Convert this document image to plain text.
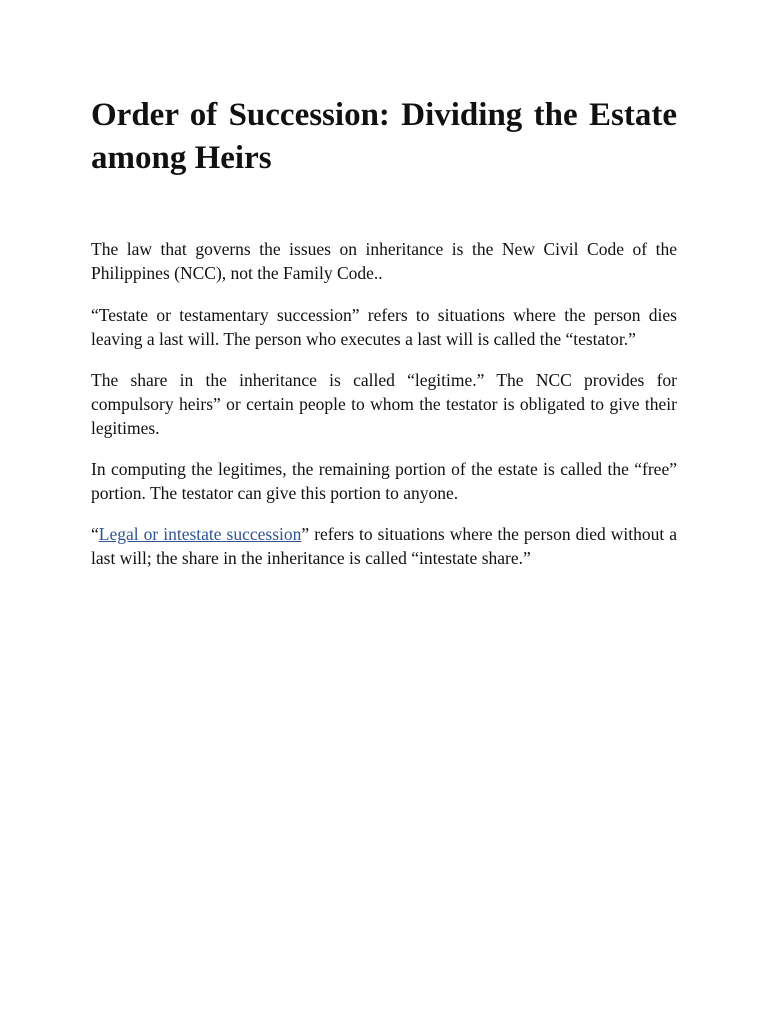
Order of Succession: Dividing the Estate among Heirs

The law that governs the issues on inheritance is the New Civil Code of the Philippines (NCC), not the Family Code..

“Testate or testamentary succession” refers to situations where the person dies leaving a last will. The person who executes a last will is called the “testator.”

The share in the inheritance is called “legitime.” The NCC provides for compulsory heirs” or certain people to whom the testator is obligated to give their legitimes.

In computing the legitimes, the remaining portion of the estate is called the “free” portion. The testator can give this portion to anyone.

“Legal or intestate succession” refers to situations where the person died without a last will; the share in the inheritance is called “intestate share.”
